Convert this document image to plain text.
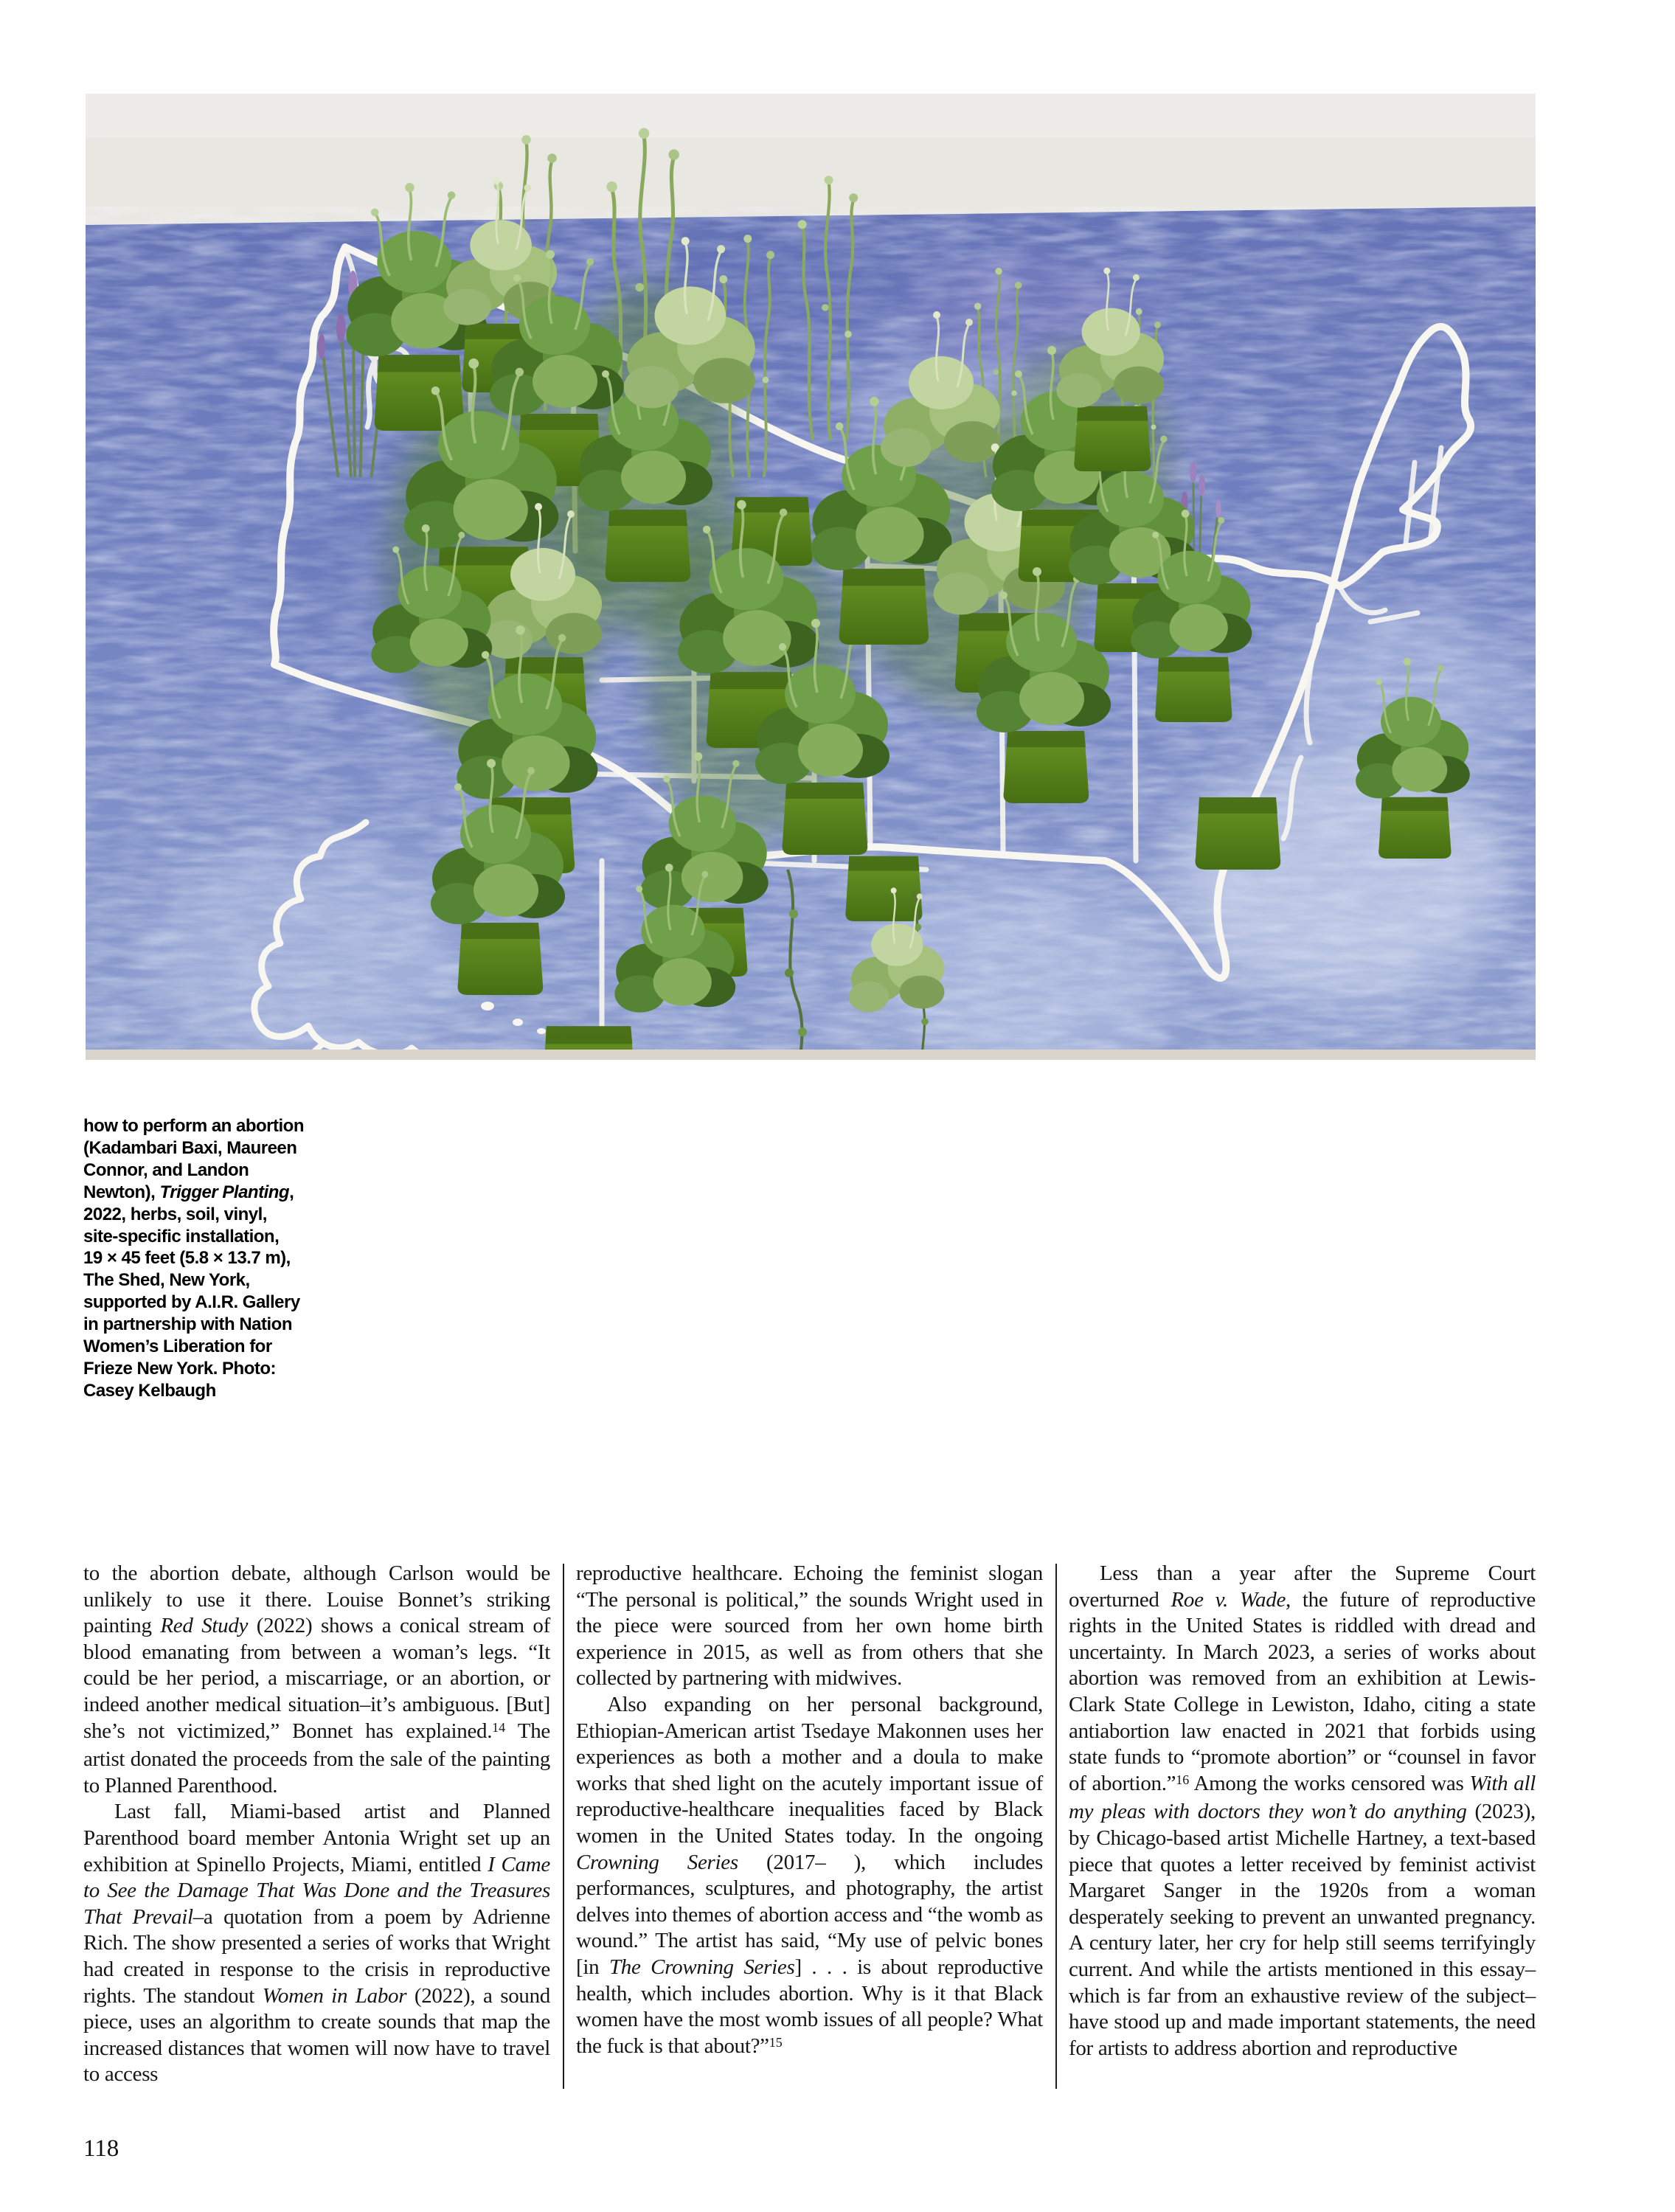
how to perform an abortion
(Kadambari Baxi, Maureen
Connor, and Landon
Newton), Trigger Planting,
2022, herbs, soil, vinyl,
site-specific installation,
19 × 45 feet (5.8 × 13.7 m),
The Shed, New York,
supported by A.I.R. Gallery
in partnership with Nation
Women’s Liberation for
Frieze New York. Photo:
Casey Kelbaugh

to the abortion debate, although Carlson would be unlikely to use it there. Louise Bonnet’s striking painting Red Study (2022) shows a conical stream of blood emanating from between a woman’s legs. “It could be her period, a miscarriage, or an abortion, or indeed another medical situation–it’s ambiguous. [But] she’s not victimized,” Bonnet has explained.$^{14}$ The artist donated the proceeds from the sale of the painting to Planned Parenthood.

Last fall, Miami-based artist and Planned Parenthood board member Antonia Wright set up an exhibition at Spinello Projects, Miami, entitled I Came to See the Damage That Was Done and the Treasures That Prevail–a quotation from a poem by Adrienne Rich. The show presented a series of works that Wright had created in response to the crisis in reproductive rights. The standout Women in Labor (2022), a sound piece, uses an algorithm to create sounds that map the increased distances that women will now have to travel to access

reproductive healthcare. Echoing the feminist slogan “The personal is political,” the sounds Wright used in the piece were sourced from her own home birth experience in 2015, as well as from others that she collected by partnering with midwives.

Also expanding on her personal background, Ethiopian-American artist Tsedaye Makonnen uses her experiences as both a mother and a doula to make works that shed light on the acutely important issue of reproductive-healthcare inequalities faced by Black women in the United States today. In the ongoing Crowning Series (2017– ), which includes performances, sculptures, and photography, the artist delves into themes of abortion access and “the womb as wound.” The artist has said, “My use of pelvic bones [in The Crowning Series] . . . is about reproductive health, which includes abortion. Why is it that Black women have the most womb issues of all people? What the fuck is that about?”$^{15}$

Less than a year after the Supreme Court overturned Roe v. Wade, the future of reproductive rights in the United States is riddled with dread and uncertainty. In March 2023, a series of works about abortion was removed from an exhibition at Lewis-Clark State College in Lewiston, Idaho, citing a state antiabortion law enacted in 2021 that forbids using state funds to “promote abortion” or “counsel in favor of abortion.”$^{16}$ Among the works censored was With all my pleas with doctors they won’t do anything (2023), by Chicago-based artist Michelle Hartney, a text-based piece that quotes a letter received by feminist activist Margaret Sanger in the 1920s from a woman desperately seeking to prevent an unwanted pregnancy. A century later, her cry for help still seems terrifyingly current. And while the artists mentioned in this essay–which is far from an exhaustive review of the subject–have stood up and made important statements, the need for artists to address abortion and reproductive

118
